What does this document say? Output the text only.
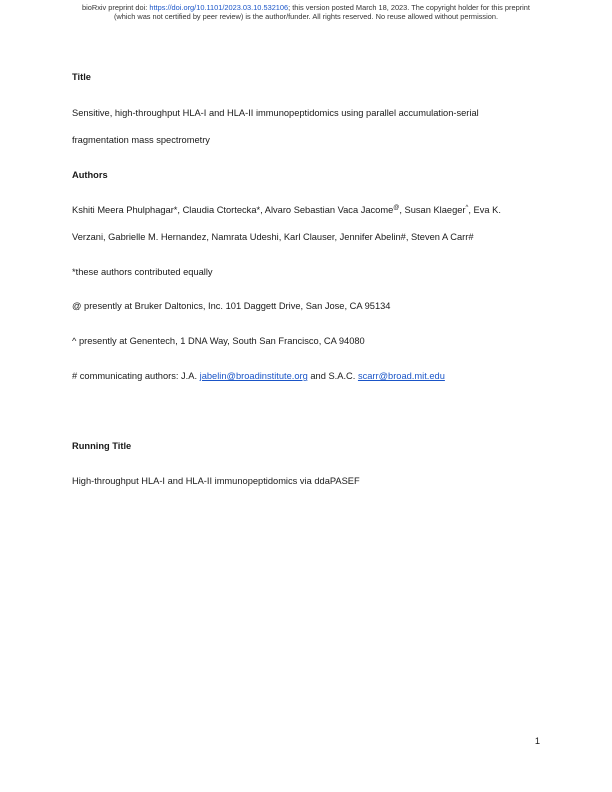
bioRxiv preprint doi: https://doi.org/10.1101/2023.03.10.532106; this version posted March 18, 2023. The copyright holder for this preprint
(which was not certified by peer review) is the author/funder. All rights reserved. No reuse allowed without permission.
Title
Sensitive, high-throughput HLA-I and HLA-II immunopeptidomics using parallel accumulation-serial
fragmentation mass spectrometry
Authors
Kshiti Meera Phulphagar*, Claudia Ctortecka*, Alvaro Sebastian Vaca Jacome@, Susan Klaeger^, Eva K.
Verzani, Gabrielle M. Hernandez, Namrata Udeshi, Karl Clauser, Jennifer Abelin#, Steven A Carr#
*these authors contributed equally
@ presently at Bruker Daltonics, Inc. 101 Daggett Drive, San Jose, CA 95134
^ presently at Genentech, 1 DNA Way, South San Francisco, CA 94080
# communicating authors: J.A. jabelin@broadinstitute.org and S.A.C. scarr@broad.mit.edu
Running Title
High-throughput HLA-I and HLA-II immunopeptidomics via ddaPASEF
1
